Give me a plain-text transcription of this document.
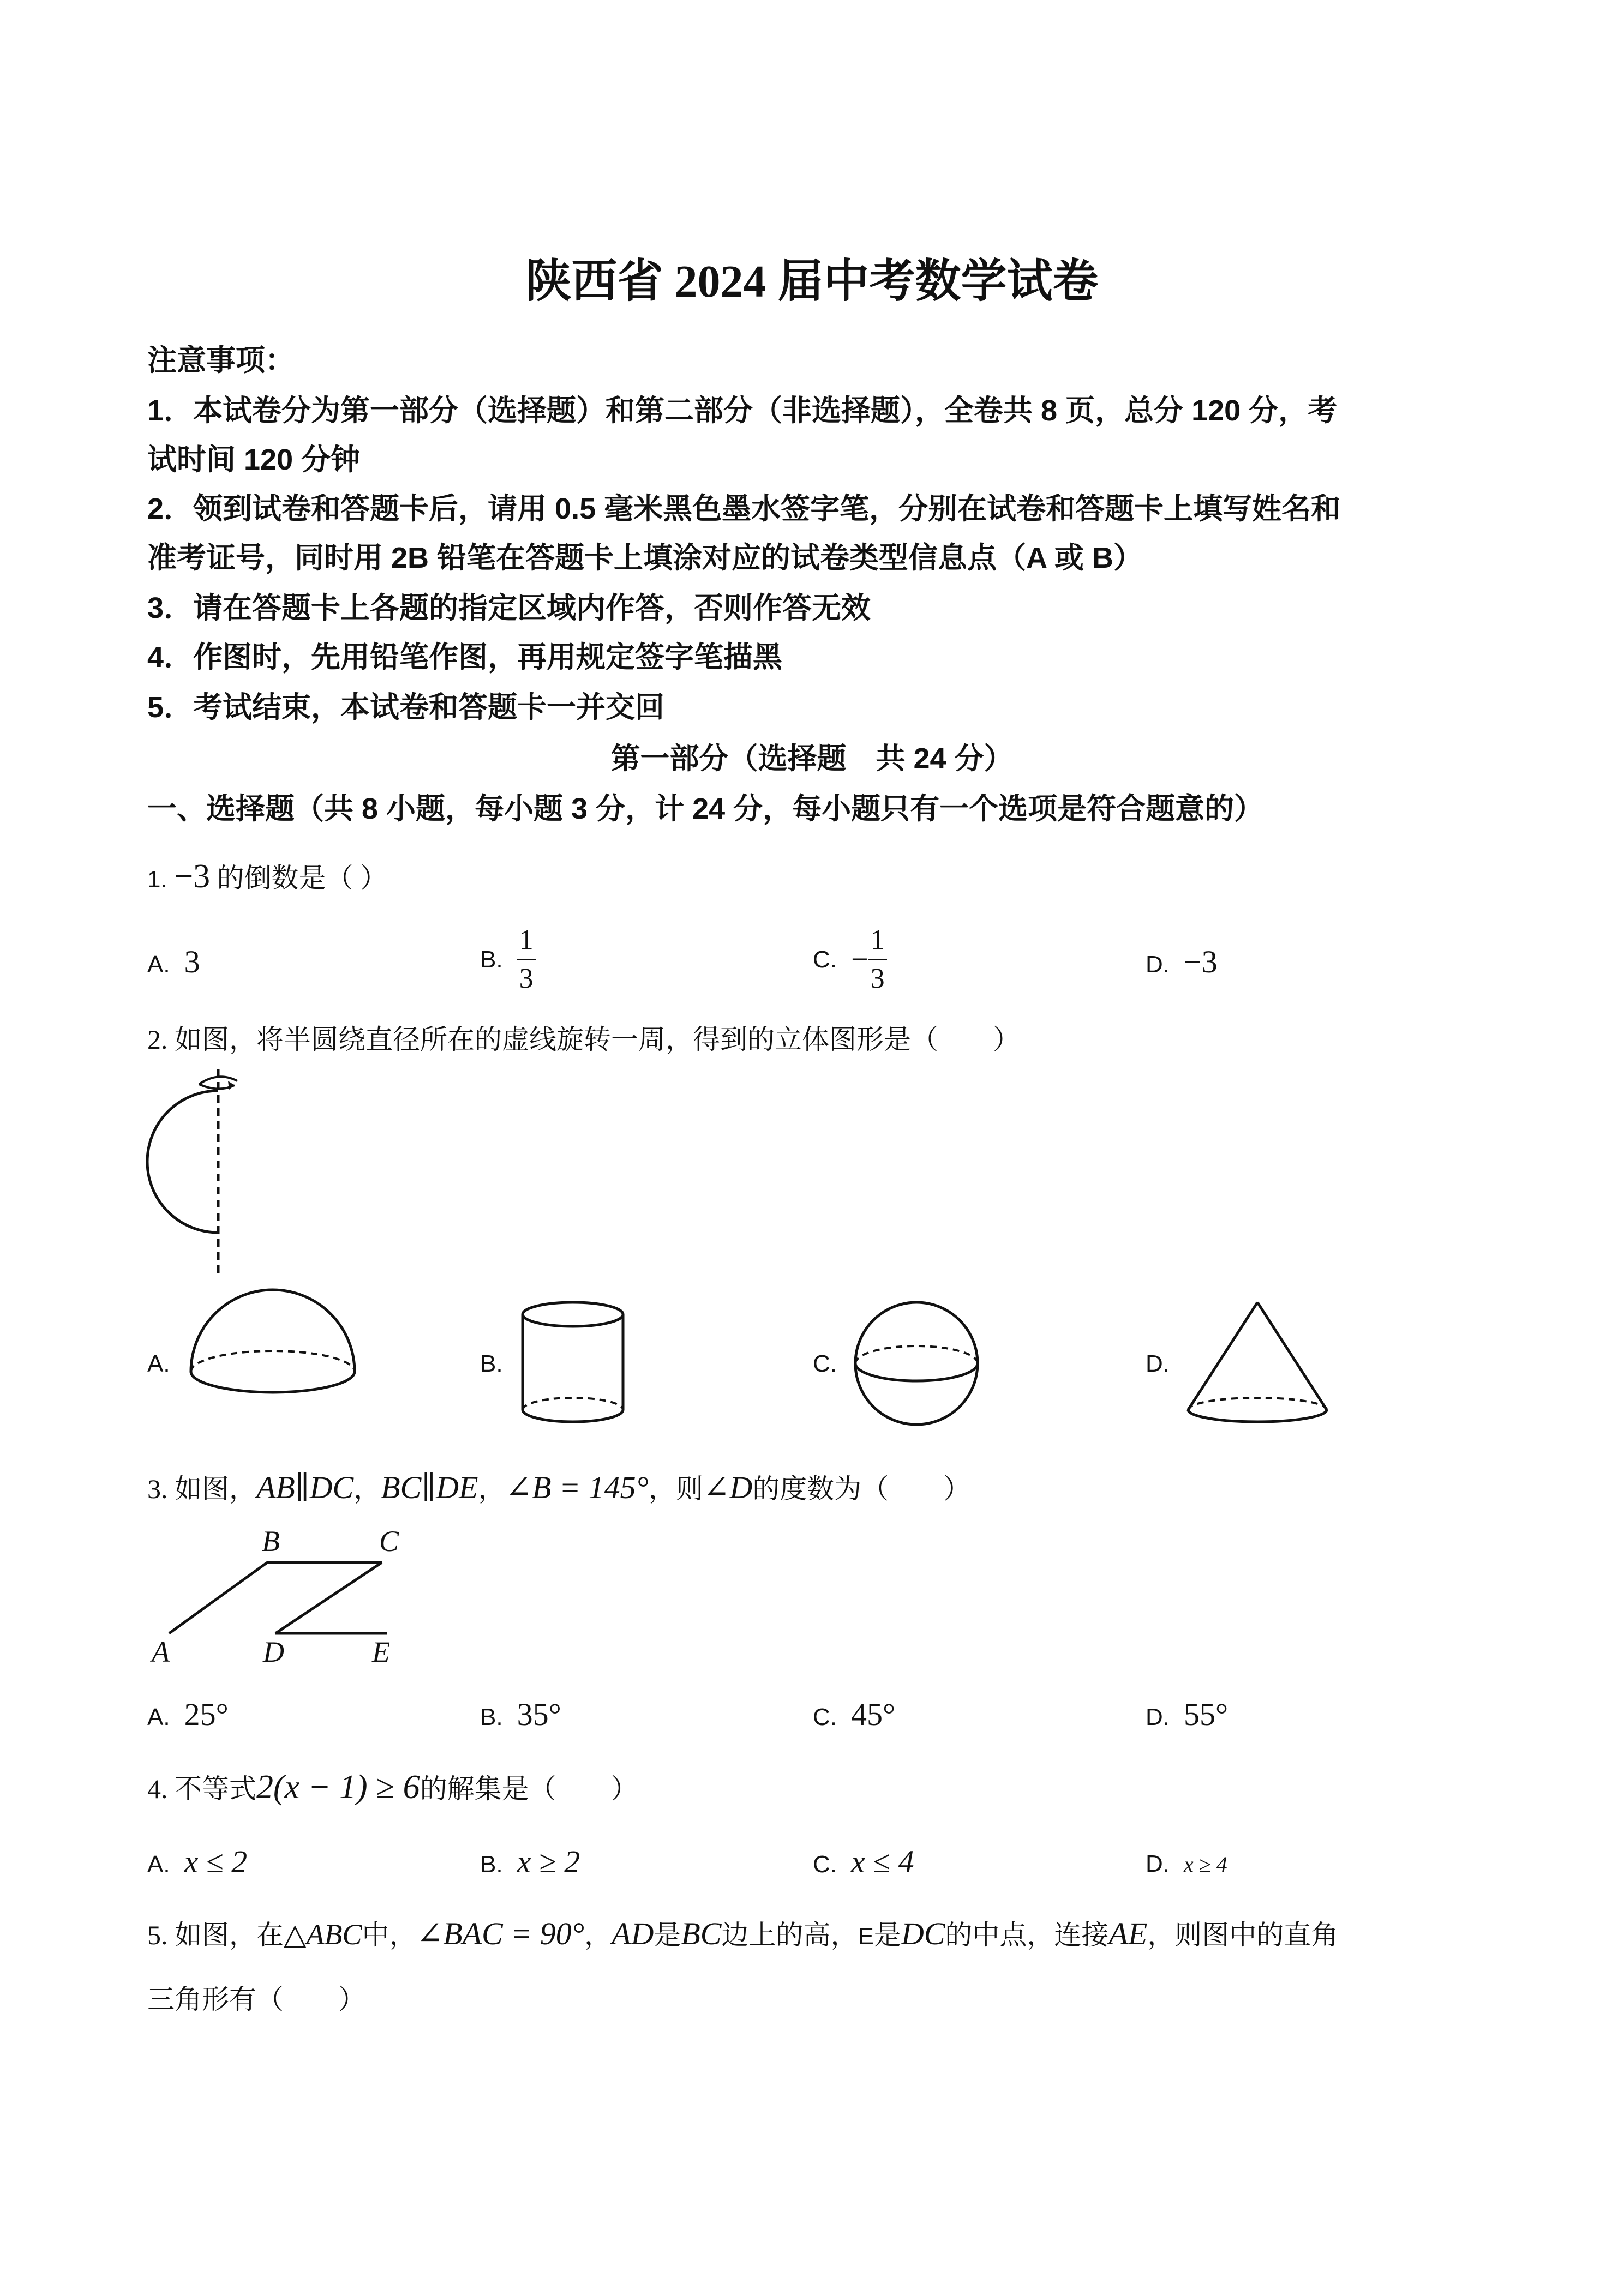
陕西省 2024 届中考数学试卷
注意事项：
1．本试卷分为第一部分（选择题）和第二部分（非选择题），全卷共 8 页，总分 120 分，考
试时间 120 分钟
2．领到试卷和答题卡后，请用 0.5 毫米黑色墨水签字笔，分别在试卷和答题卡上填写姓名和
准考证号，同时用 2B 铅笔在答题卡上填涂对应的试卷类型信息点（A 或 B）
3．请在答题卡上各题的指定区域内作答，否则作答无效
4．作图时，先用铅笔作图，再用规定签字笔描黑
5．考试结束，本试卷和答题卡一并交回
第一部分（选择题　共 24 分）
一、选择题（共 8 小题，每小题 3 分，计 24 分，每小题只有一个选项是符合题意的）
1. −3 的倒数是（ ）
A. 3	B. $\frac{1}{3}$	C. − $\frac{1}{3}$	D. −3
2. 如图，将半圆绕直径所在的虚线旋转一周，得到的立体图形是（　　）
A.	B.	C.	D.
3. 如图，AB∥DC，BC∥DE，∠B = 145°，则∠D的度数为（　　）
B	C
A	D	E
A. 25°	B. 35°	C. 45°	D. 55°
4. 不等式2(x − 1) ≥ 6的解集是（　　）
A. x ≤ 2	B. x ≥ 2	C. x ≤ 4	D. x ≥ 4
5. 如图，在△ABC中，∠BAC = 90°，AD是BC边上的高，E是DC的中点，连接AE，则图中的直角
三角形有（　　）
